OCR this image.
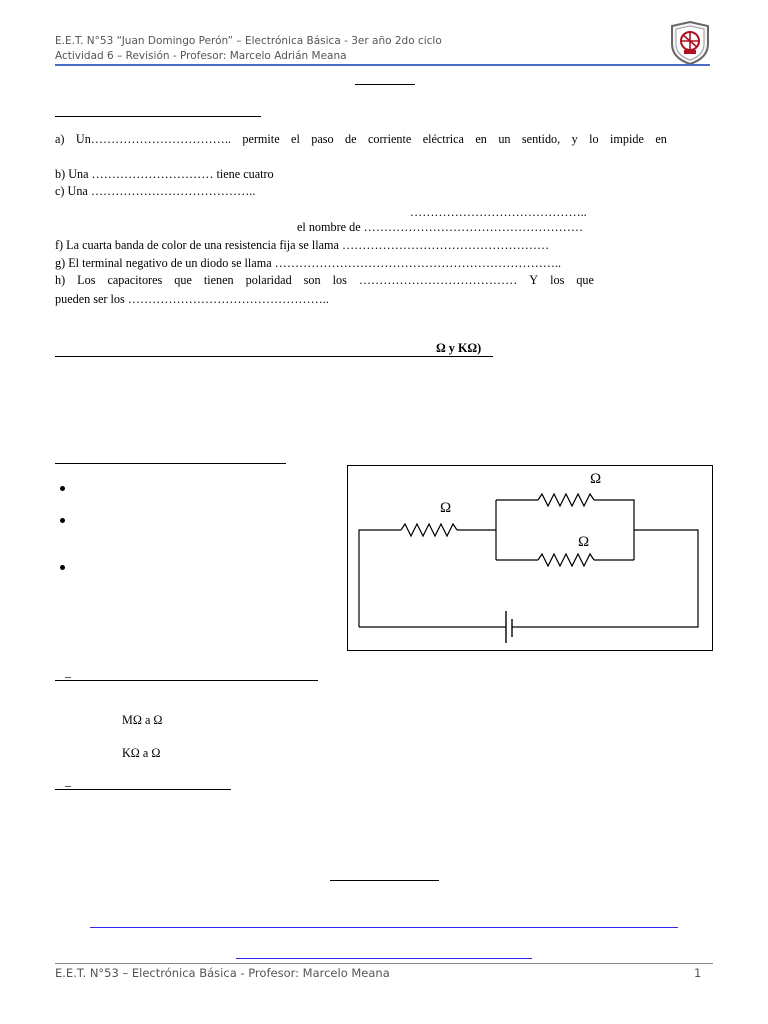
E.E.T. N°53 “Juan Domingo Perón” – Electrónica Básica - 3er año 2do ciclo
Actividad 6 – Revisión - Profesor: Marcelo Adrián Meana
a) Un…………………………….. permite el paso de corriente eléctrica en un sentido, y lo impide en
b) Una ………………………… tiene cuatro
c) Una …………………………………..
……………………………………..
el nombre de ………………………………………………
f) La cuarta banda de color de una resistencia fija se llama ……………………………………………
g) El terminal negativo de un diodo se llama ……………………………………………………………..
h) Los capacitores que tienen polaridad son los ………………………………… Y los que
pueden ser los …………………………………………..
Ω y KΩ)
Ω
Ω
Ω
_
MΩ a Ω
KΩ a Ω
_
E.E.T. N°53 – Electrónica Básica - Profesor: Marcelo Meana	1
